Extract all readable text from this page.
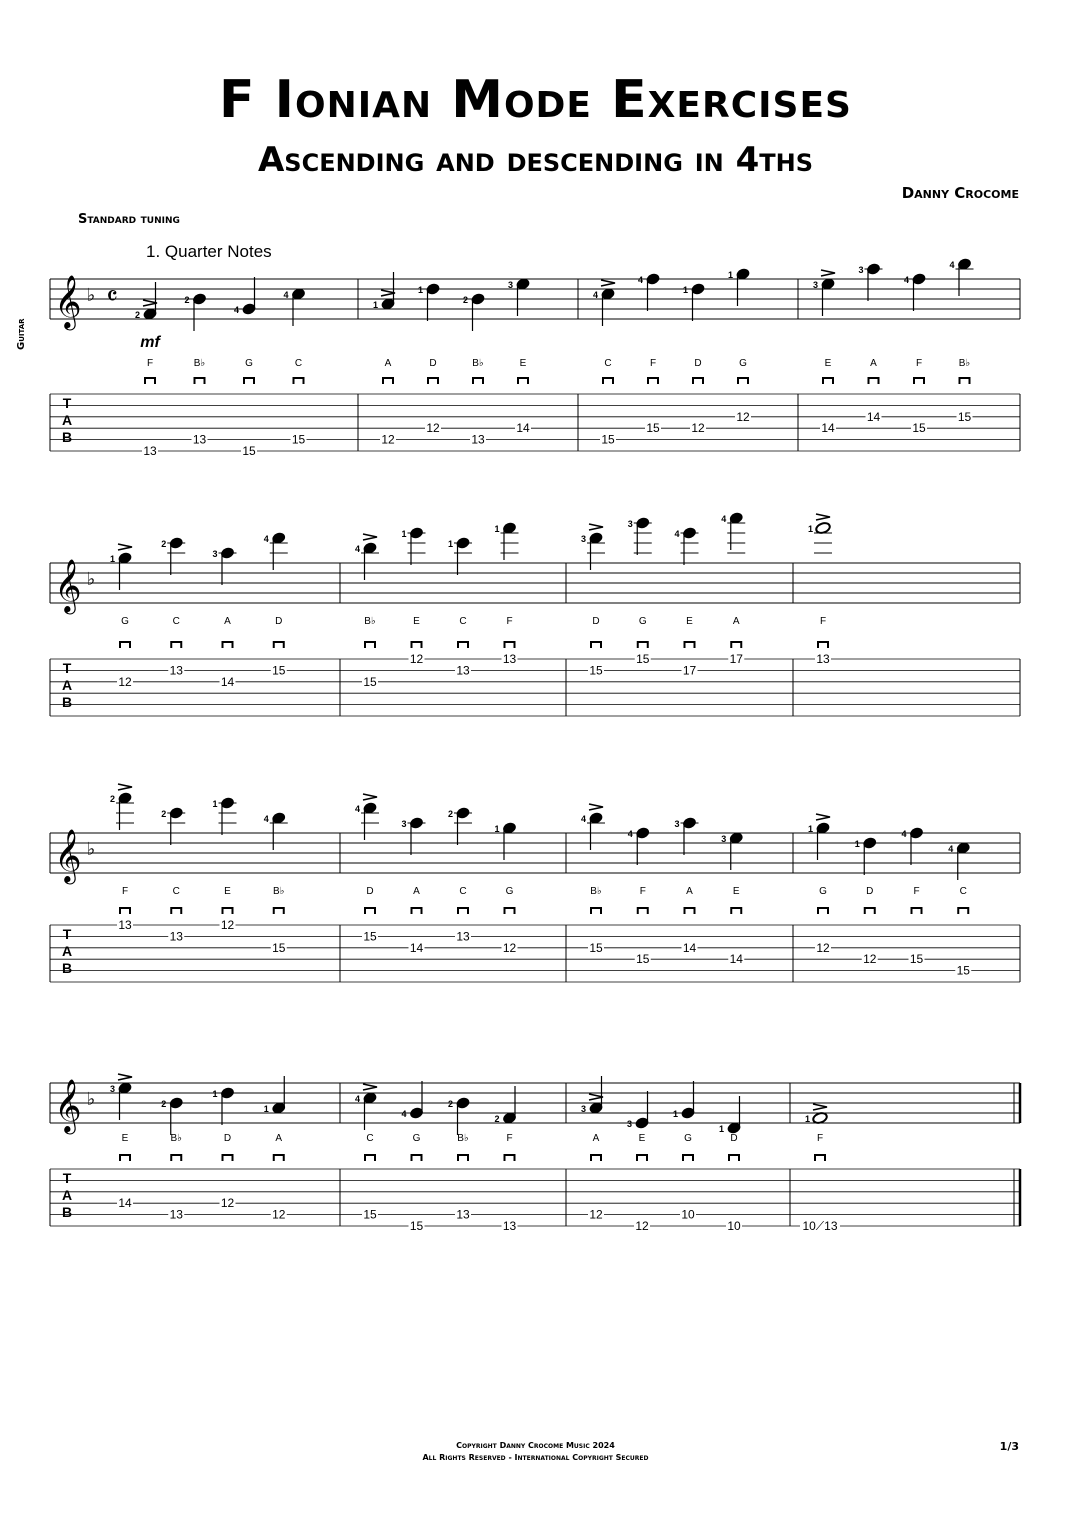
F Ionian Mode Exercises
Ascending and descending in 4ths
Danny Crocome
Standard tuning
Guitar
1. Quarter Notes
𝄞 ♭ 𝄴
T
A
B
2
F
13
2
B♭
13
4
G
15
4
C
15
1
A
12
1
D
12
2
B♭
13
3
E
14
4
C
15
4
F
15
1
D
12
1
G
12
3
E
14
3
A
14
4
F
15
4
B♭
15
𝄞 ♭
T
A
B
1
G
12
2
C
13
3
A
14
4
D
15
4
B♭
15
1
E
12
1
C
13
1
F
13
3
D
15
3
G
15
4
E
17
4
A
17
1
F
13
𝄞 ♭
T
A
B
2
F
13
2
C
13
1
E
12
4
B♭
15
4
D
15
3
A
14
2
C
13
1
G
12
4
B♭
15
4
F
15
3
A
14
3
E
14
1
G
12
1
D
12
4
F
15
4
C
15
𝄞 ♭
T
A
B
3
E
14
2
B♭
13
1
D
12
1
A
12
4
C
15
4
G
15
2
B♭
13
2
F
13
3
A
12
3
E
12
1
G
10
1
D
10
1
F
10⟋13
mf
Copyright Danny Crocome Music 2024
All Rights Reserved - International Copyright Secured
1/3
